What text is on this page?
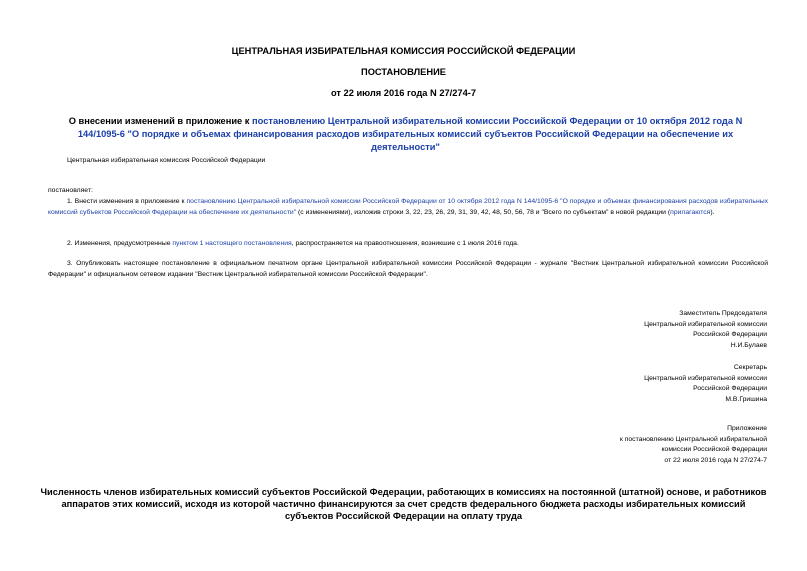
ЦЕНТРАЛЬНАЯ ИЗБИРАТЕЛЬНАЯ КОМИССИЯ РОССИЙСКОЙ ФЕДЕРАЦИИ
ПОСТАНОВЛЕНИЕ
от 22 июля 2016 года N 27/274-7
О внесении изменений в приложение к постановлению Центральной избирательной комиссии Российской Федерации от 10 октября 2012 года N 144/1095-6 "О порядке и объемах финансирования расходов избирательных комиссий субъектов Российской Федерации на обеспечение их деятельности"
Центральная избирательная комиссия Российской Федерации
постановляет:
1. Внести изменения в приложение к постановлению Центральной избирательной комиссии Российской Федерации от 10 октября 2012 года N 144/1095-6 "О порядке и объемах финансирования расходов избирательных комиссий субъектов Российской Федерации на обеспечение их деятельности" (с изменениями), изложив строки 3, 22, 23, 26, 29, 31, 39, 42, 48, 50, 56, 78 и "Всего по субъектам" в новой редакции (прилагаются).
2. Изменения, предусмотренные пунктом 1 настоящего постановления, распространяется на правоотношения, возникшие с 1 июля 2016 года.
3. Опубликовать настоящее постановление в официальном печатном органе Центральной избирательной комиссии Российской Федерации - журнале "Вестник Центральной избирательной комиссии Российской Федерации" и официальном сетевом издании "Вестник Центральной избирательной комиссии Российской Федерации".
Заместитель Председателя
Центральной избирательной комиссии
Российской Федерации
Н.И.Булаев
Секретарь
Центральной избирательной комиссии
Российской Федерации
М.В.Гришина
Приложение
к постановлению Центральной избирательной
комиссии Российской Федерации
от 22 июля 2016 года N 27/274-7
Численность членов избирательных комиссий субъектов Российской Федерации, работающих в комиссиях на постоянной (штатной) основе, и работников аппаратов этих комиссий, исходя из которой частично финансируются за счет средств федерального бюджета расходы избирательных комиссий субъектов Российской Федерации на оплату труда
